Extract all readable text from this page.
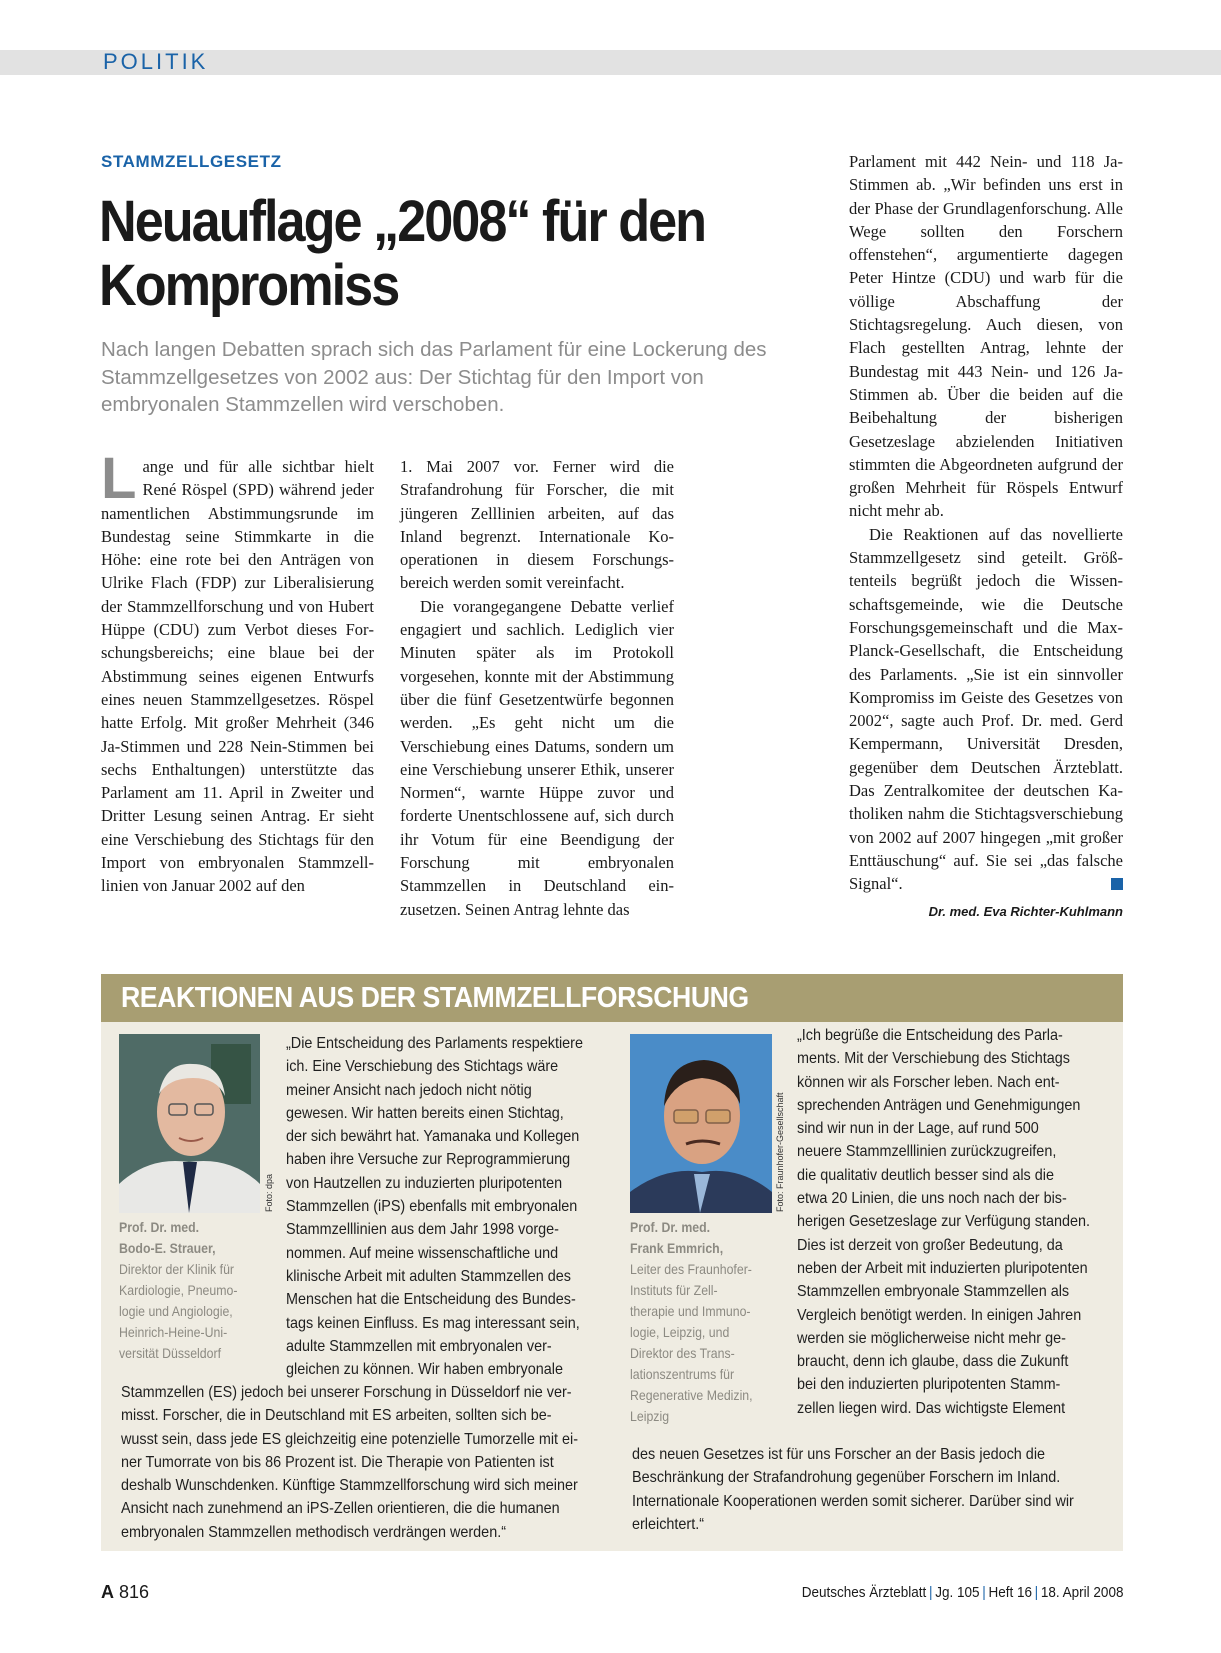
POLITIK
STAMMZELLGESETZ
Neuauflage „2008“ für den Kompromiss

Nach langen Debatten sprach sich das Parlament für eine Lockerung des Stammzellgesetzes von 2002 aus: Der Stichtag für den Import von embryonalen Stammzellen wird verschoben.

Lange und für alle sichtbar hielt René Röspel (SPD) während jeder namentlichen Abstimmungsrunde im Bundestag seine Stimmkarte in die Höhe: eine rote bei den Anträgen von Ulrike Flach (FDP) zur Liberalisierung der Stammzellforschung und von Hubert Hüppe (CDU) zum Verbot dieses Forschungsbereichs; eine blaue bei der Abstimmung seines eigenen Entwurfs eines neuen Stammzellgesetzes. Röspel hatte Erfolg. Mit großer Mehrheit (346 Ja-Stimmen und 228 Nein-Stimmen bei sechs Enthaltungen) unterstützte das Parlament am 11. April in Zweiter und Dritter Lesung seinen Antrag. Er sieht eine Verschiebung des Stichtags für den Import von embryonalen Stammzelllinien von Januar 2002 auf den

1. Mai 2007 vor. Ferner wird die Strafandrohung für Forscher, die mit jüngeren Zelllinien arbeiten, auf das Inland begrenzt. Internationale Kooperationen in diesem Forschungsbereich werden somit vereinfacht.

Die vorangegangene Debatte verlief engagiert und sachlich. Lediglich vier Minuten später als im Protokoll vorgesehen, konnte mit der Abstimmung über die fünf Gesetzentwürfe begonnen werden. „Es geht nicht um die Verschiebung eines Datums, sondern um eine Verschiebung unserer Ethik, unserer Normen“, warnte Hüppe zuvor und forderte Unentschlossene auf, sich durch ihr Votum für eine Beendigung der Forschung mit embryonalen Stammzellen in Deutschland einzusetzen. Seinen Antrag lehnte das

Parlament mit 442 Nein- und 118 Ja-Stimmen ab. „Wir befinden uns erst in der Phase der Grundlagenforschung. Alle Wege sollten den Forschern offenstehen“, argumentierte dagegen Peter Hintze (CDU) und warb für die völlige Abschaffung der Stichtagsregelung. Auch diesen, von Flach gestellten Antrag, lehnte der Bundestag mit 443 Nein- und 126 Ja-Stimmen ab. Über die beiden auf die Beibehaltung der bisherigen Gesetzeslage abzielenden Initiativen stimmten die Abgeordneten aufgrund der großen Mehrheit für Röspels Entwurf nicht mehr ab.

Die Reaktionen auf das novellierte Stammzellgesetz sind geteilt. Größtenteils begrüßt jedoch die Wissenschaftsgemeinde, wie die Deutsche Forschungsgemeinschaft und die Max-Planck-Gesellschaft, die Entscheidung des Parlaments. „Sie ist ein sinnvoller Kompromiss im Geiste des Gesetzes von 2002“, sagte auch Prof. Dr. med. Gerd Kempermann, Universität Dresden, gegenüber dem Deutschen Ärzteblatt. Das Zentralkomitee der deutschen Katholiken nahm die Stichtagsverschiebung von 2002 auf 2007 hingegen „mit großer Enttäuschung“ auf. Sie sei „das falsche Signal“.

Dr. med. Eva Richter-Kuhlmann
REAKTIONEN AUS DER STAMMZELLFORSCHUNG
Foto: dpa
Prof. Dr. med.
Bodo-E. Strauer,
Direktor der Klinik für
Kardiologie, Pneumo-
logie und Angiologie,
Heinrich-Heine-Uni-
versität Düsseldorf
„Die Entscheidung des Parlaments respektiere
ich. Eine Verschiebung des Stichtags wäre
meiner Ansicht nach jedoch nicht nötig
gewesen. Wir hatten bereits einen Stichtag,
der sich bewährt hat. Yamanaka und Kollegen
haben ihre Versuche zur Reprogrammierung
von Hautzellen zu induzierten pluripotenten
Stammzellen (iPS) ebenfalls mit embryonalen
Stammzelllinien aus dem Jahr 1998 vorge-
nommen. Auf meine wissenschaftliche und
klinische Arbeit mit adulten Stammzellen des
Menschen hat die Entscheidung des Bundes-
tags keinen Einfluss. Es mag interessant sein,
adulte Stammzellen mit embryonalen ver-
gleichen zu können. Wir haben embryonale
Stammzellen (ES) jedoch bei unserer Forschung in Düsseldorf nie ver-
misst. Forscher, die in Deutschland mit ES arbeiten, sollten sich be-
wusst sein, dass jede ES gleichzeitig eine potenzielle Tumorzelle mit ei-
ner Tumorrate von bis 86 Prozent ist. Die Therapie von Patienten ist
deshalb Wunschdenken. Künftige Stammzellforschung wird sich meiner
Ansicht nach zunehmend an iPS-Zellen orientieren, die die humanen
embryonalen Stammzellen methodisch verdrängen werden.“
Foto: Fraunhofer-Gesellschaft
Prof. Dr. med.
Frank Emmrich,
Leiter des Fraunhofer-
Instituts für Zell-
therapie und Immuno-
logie, Leipzig, und
Direktor des Trans-
lationszentrums für
Regenerative Medizin,
Leipzig
„Ich begrüße die Entscheidung des Parla-
ments. Mit der Verschiebung des Stichtags
können wir als Forscher leben. Nach ent-
sprechenden Anträgen und Genehmigungen
sind wir nun in der Lage, auf rund 500
neuere Stammzelllinien zurückzugreifen,
die qualitativ deutlich besser sind als die
etwa 20 Linien, die uns noch nach der bis-
herigen Gesetzeslage zur Verfügung standen.
Dies ist derzeit von großer Bedeutung, da
neben der Arbeit mit induzierten pluripotenten
Stammzellen embryonale Stammzellen als
Vergleich benötigt werden. In einigen Jahren
werden sie möglicherweise nicht mehr ge-
braucht, denn ich glaube, dass die Zukunft
bei den induzierten pluripotenten Stamm-
zellen liegen wird. Das wichtigste Element
des neuen Gesetzes ist für uns Forscher an der Basis jedoch die
Beschränkung der Strafandrohung gegenüber Forschern im Inland.
Internationale Kooperationen werden somit sicherer. Darüber sind wir
erleichtert.“
A 816	Deutsches Ärzteblatt | Jg. 105 | Heft 16 | 18. April 2008
